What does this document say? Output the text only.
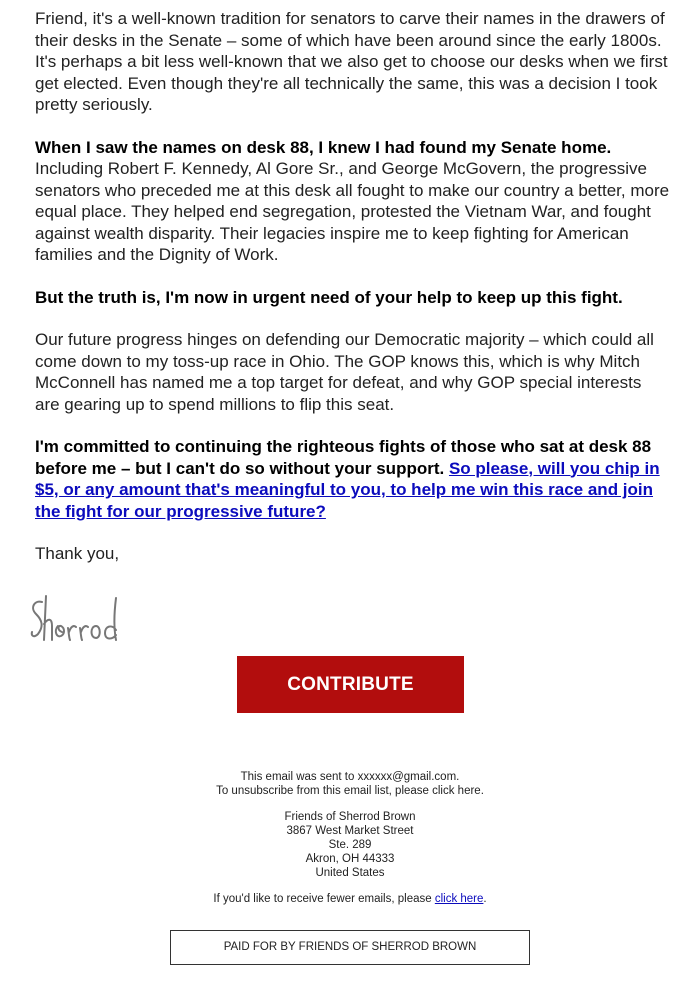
Friend, it's a well-known tradition for senators to carve their names in the drawers of their desks in the Senate – some of which have been around since the early 1800s. It's perhaps a bit less well-known that we also get to choose our desks when we first get elected. Even though they're all technically the same, this was a decision I took pretty seriously.

When I saw the names on desk 88, I knew I had found my Senate home. Including Robert F. Kennedy, Al Gore Sr., and George McGovern, the progressive senators who preceded me at this desk all fought to make our country a better, more equal place. They helped end segregation, protested the Vietnam War, and fought against wealth disparity. Their legacies inspire me to keep fighting for American families and the Dignity of Work.

But the truth is, I'm now in urgent need of your help to keep up this fight.

Our future progress hinges on defending our Democratic majority – which could all come down to my toss-up race in Ohio. The GOP knows this, which is why Mitch McConnell has named me a top target for defeat, and why GOP special interests are gearing up to spend millions to flip this seat.

I'm committed to continuing the righteous fights of those who sat at desk 88 before me – but I can't do so without your support. So please, will you chip in $5, or any amount that's meaningful to you, to help me win this race and join the fight for our progressive future?

Thank you,

CONTRIBUTE

This email was sent to xxxxxx@gmail.com.

To unsubscribe from this email list, please click here.

Friends of Sherrod Brown

3867 West Market Street

Ste. 289

Akron, OH 44333

United States

If you'd like to receive fewer emails, please click here.

PAID FOR BY FRIENDS OF SHERROD BROWN
